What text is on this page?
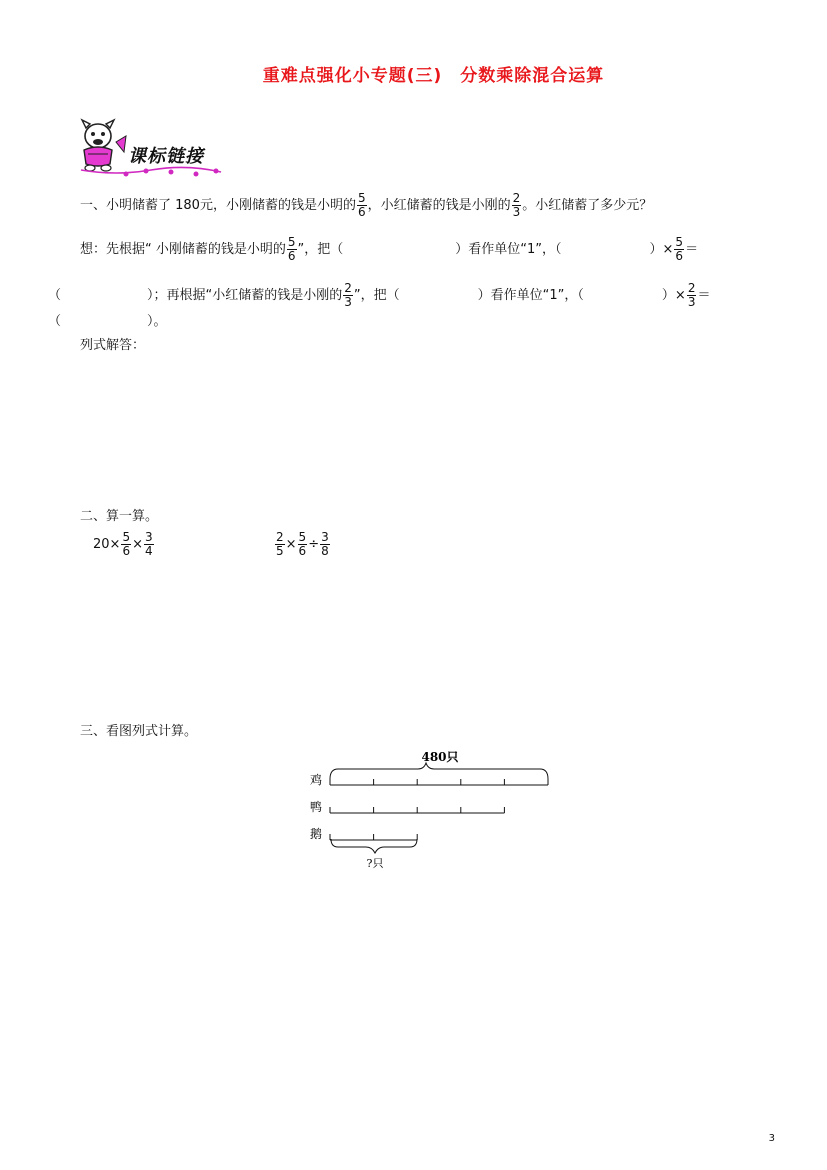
重难点强化小专题(三)　分数乘除混合运算
课标链接
一、小明储蓄了 180元，小刚储蓄的钱是小明的 $\frac{5}{6}$ ，小红储蓄的钱是小刚的 $\frac{2}{3}$ 。小红储蓄了多少元？
想：先根据“ 小刚储蓄的钱是小明的 $\frac{5}{6}$ ”，把（	）看作单位“1”，（	）× $\frac{5}{6}$ ＝
（	）；再根据“小红储蓄的钱是小刚的 $\frac{2}{3}$ ”，把（	）看作单位“1”，（	）× $\frac{2}{3}$ ＝
（	）。
列式解答：
二、算一算。
$20\times \frac{5}{6} \times \frac{3}{4}$	$\frac{2}{5} \times \frac{5}{6} \div \frac{3}{8}$
三、看图列式计算。
480只
鸡
鸭
鹅
?只
3
